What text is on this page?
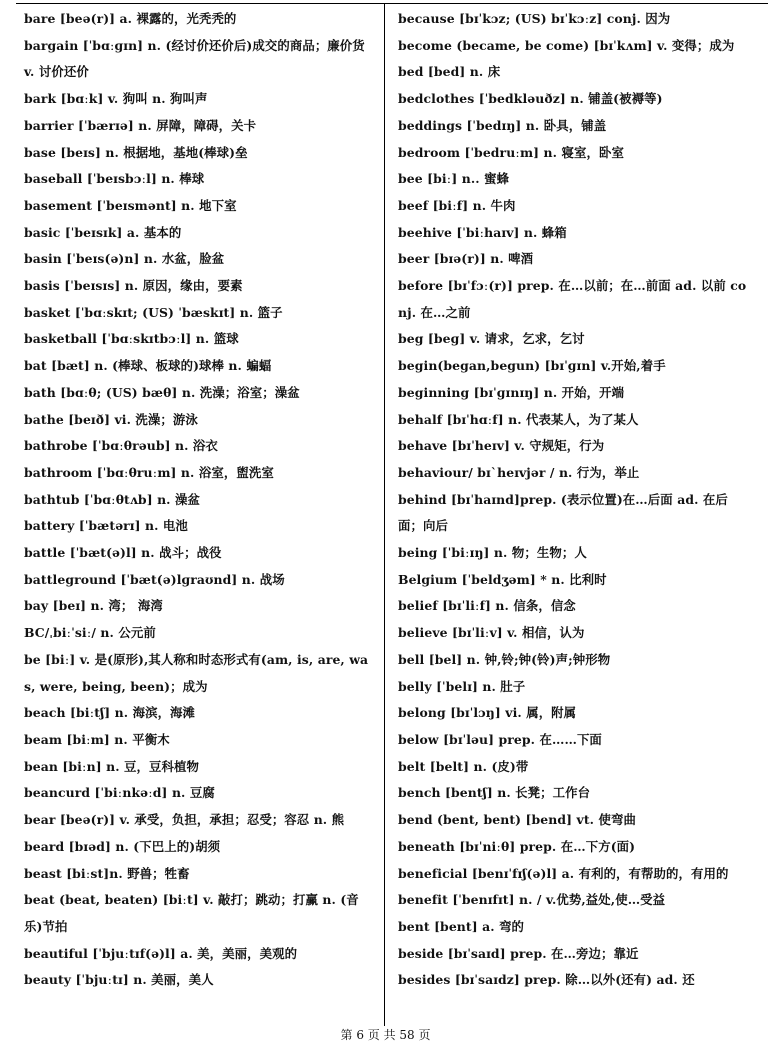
bare [beə(r)] a. 裸露的，光秃秃的
bargain [ˈbɑːɡɪn] n. (经讨价还价后)成交的商品；廉价货 v. 讨价还价
bark [bɑːk] v. 狗叫 n. 狗叫声
barrier [ˈbærɪə] n. 屏障，障碍，关卡
base [beɪs] n. 根据地，基地(棒球)垒
baseball [ˈbeɪsbɔːl] n. 棒球
basement [ˈbeɪsmənt] n. 地下室
basic [ˈbeɪsɪk] a. 基本的
basin [ˈbeɪs(ə)n] n. 水盆，脸盆
basis [ˈbeɪsɪs] n. 原因，缘由，要素
basket [ˈbɑːskɪt; (US) ˈbæskɪt] n. 篮子
basketball [ˈbɑːskɪtbɔːl] n. 篮球
bat [bæt] n. (棒球、板球的)球棒 n. 蝙蝠
bath [bɑːθ; (US) bæθ] n. 洗澡；浴室；澡盆
bathe [beɪð] vi. 洗澡；游泳
bathrobe [ˈbɑːθrəub] n. 浴衣
bathroom [ˈbɑːθruːm] n. 浴室，盥洗室
bathtub [ˈbɑːθtʌb] n. 澡盆
battery [ˈbætərɪ] n. 电池
battle [ˈbæt(ə)l] n. 战斗；战役
battleground [ˈbæt(ə)lɡraʊnd] n. 战场
bay [beɪ] n. 湾； 海湾
BC/ˌbiːˈsiː/ n. 公元前
be [biː] v. 是(原形),其人称和时态形式有(am, is, are, was, were, being, been)；成为
beach [biːtʃ] n. 海滨，海滩
beam [biːm] n. 平衡木
bean [biːn] n. 豆，豆科植物
beancurd [ˈbiːnkəːd] n. 豆腐
bear [beə(r)] v. 承受，负担，承担；忍受；容忍 n. 熊
beard [bɪəd] n. (下巴上的)胡须
beast [biːst]n. 野兽；牲畜
beat (beat, beaten) [biːt] v. 敲打；跳动；打赢 n. (音乐)节拍
beautiful [ˈbjuːtɪf(ə)l] a. 美，美丽，美观的
beauty [ˈbjuːtɪ] n. 美丽，美人
because [bɪˈkɔz; (US) bɪˈkɔːz] conj. 因为
become (became, be come) [bɪˈkʌm] v. 变得；成为
bed [bed] n. 床
bedclothes [ˈbedkləuðz] n. 铺盖(被褥等)
beddings [ˈbedɪŋ] n. 卧具，铺盖
bedroom [ˈbedruːm] n. 寝室，卧室
bee [biː] n.. 蜜蜂
beef [biːf] n. 牛肉
beehive [ˈbiːhaɪv] n. 蜂箱
beer [bɪə(r)] n. 啤酒
before [bɪˈfɔː(r)] prep. 在…以前；在…前面 ad. 以前 conj. 在…之前
beg [beɡ] v. 请求，乞求，乞讨
begin(began,begun) [bɪˈɡɪn] v.开始,着手
beginning [bɪˈɡɪnɪŋ] n. 开始，开端
behalf [bɪˈhɑːf] n. 代表某人，为了某人
behave [bɪˈheɪv] v. 守规矩，行为
behaviour/ bɪˋheɪvjər / n. 行为，举止
behind [bɪˈhaɪnd]prep. (表示位置)在…后面 ad. 在后面；向后
being [ˈbiːɪŋ] n. 物；生物；人
Belgium [ˈbeldʒəm] * n. 比利时
belief [bɪˈliːf] n. 信条，信念
believe [bɪˈliːv] v. 相信，认为
bell [bel] n. 钟,铃;钟(铃)声;钟形物
belly [ˈbelɪ] n. 肚子
belong [bɪˈlɔŋ] vi. 属，附属
below [bɪˈləu] prep. 在……下面
belt [belt] n. (皮)带
bench [bentʃ] n. 长凳；工作台
bend (bent, bent) [bend] vt. 使弯曲
beneath [bɪˈniːθ] prep. 在…下方(面)
beneficial [benɪˈfɪʃ(ə)l] a. 有利的，有帮助的，有用的
benefit [ˈbenɪfɪt] n. / v.优势,益处,使…受益
bent [bent] a. 弯的
beside [bɪˈsaɪd] prep. 在…旁边；靠近
besides [bɪˈsaɪdz] prep. 除…以外(还有) ad. 还
第 6 页 共 58 页
